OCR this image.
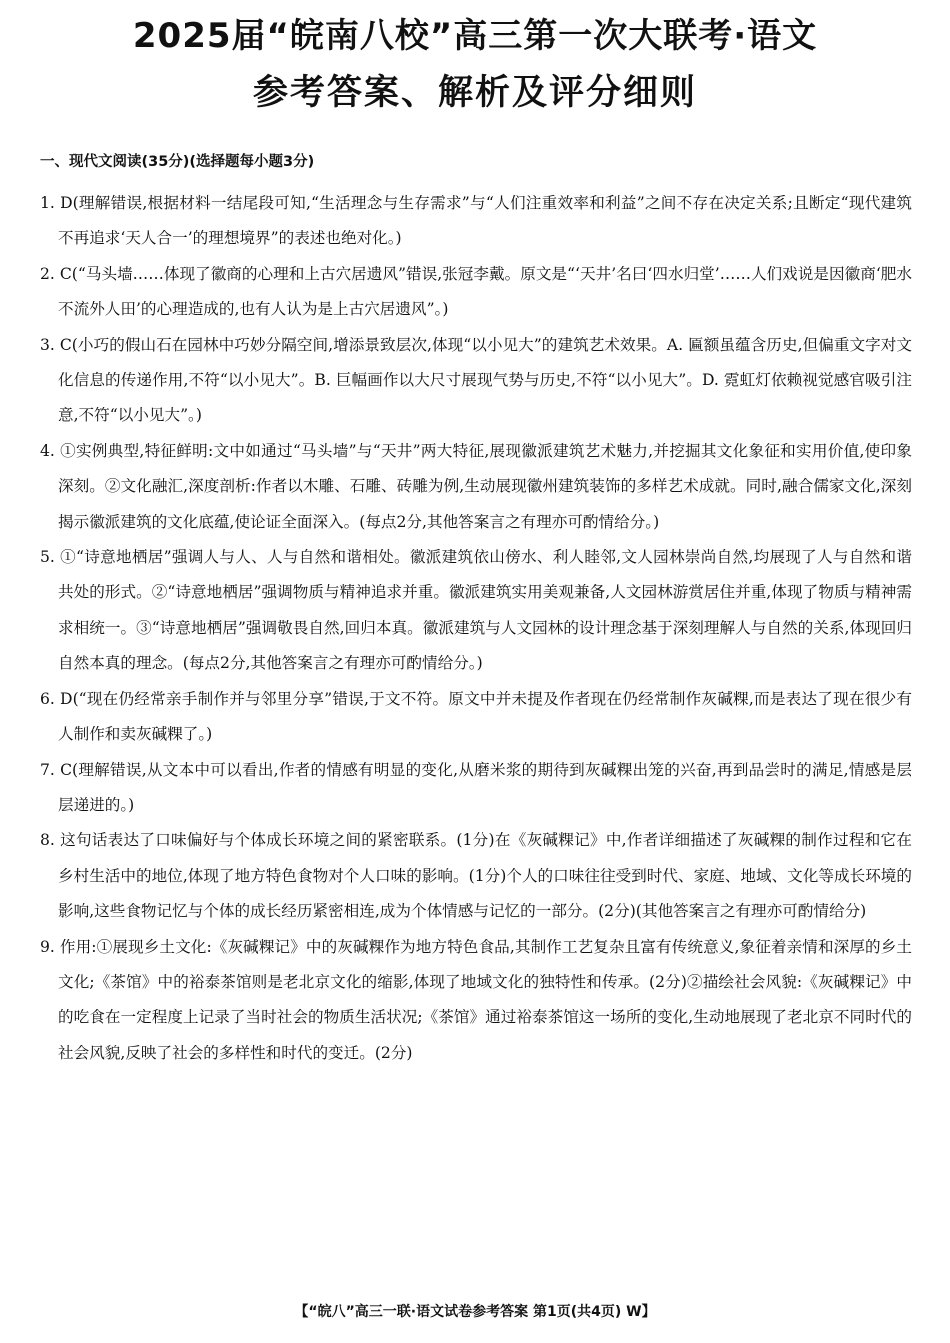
2025届“皖南八校”高三第一次大联考·语文
参考答案、解析及评分细则
一、现代文阅读(35分)(选择题每小题3分)

1. D(理解错误,根据材料一结尾段可知,“生活理念与生存需求”与“人们注重效率和利益”之间不存在决定关系;且断定“现代建筑不再追求‘天人合一’的理想境界”的表述也绝对化。)

2. C(“马头墙……体现了徽商的心理和上古穴居遗风”错误,张冠李戴。原文是“‘天井’名曰‘四水归堂’……人们戏说是因徽商‘肥水不流外人田’的心理造成的,也有人认为是上古穴居遗风”。)

3. C(小巧的假山石在园林中巧妙分隔空间,增添景致层次,体现“以小见大”的建筑艺术效果。A. 匾额虽蕴含历史,但偏重文字对文化信息的传递作用,不符“以小见大”。B. 巨幅画作以大尺寸展现气势与历史,不符“以小见大”。D. 霓虹灯依赖视觉感官吸引注意,不符“以小见大”。)

4. ①实例典型,特征鲜明:文中如通过“马头墙”与“天井”两大特征,展现徽派建筑艺术魅力,并挖掘其文化象征和实用价值,使印象深刻。②文化融汇,深度剖析:作者以木雕、石雕、砖雕为例,生动展现徽州建筑装饰的多样艺术成就。同时,融合儒家文化,深刻揭示徽派建筑的文化底蕴,使论证全面深入。(每点2分,其他答案言之有理亦可酌情给分。)

5. ①“诗意地栖居”强调人与人、人与自然和谐相处。徽派建筑依山傍水、利人睦邻,文人园林崇尚自然,均展现了人与自然和谐共处的形式。②“诗意地栖居”强调物质与精神追求并重。徽派建筑实用美观兼备,人文园林游赏居住并重,体现了物质与精神需求相统一。③“诗意地栖居”强调敬畏自然,回归本真。徽派建筑与人文园林的设计理念基于深刻理解人与自然的关系,体现回归自然本真的理念。(每点2分,其他答案言之有理亦可酌情给分。)

6. D(“现在仍经常亲手制作并与邻里分享”错误,于文不符。原文中并未提及作者现在仍经常制作灰碱粿,而是表达了现在很少有人制作和卖灰碱粿了。)

7. C(理解错误,从文本中可以看出,作者的情感有明显的变化,从磨米浆的期待到灰碱粿出笼的兴奋,再到品尝时的满足,情感是层层递进的。)

8. 这句话表达了口味偏好与个体成长环境之间的紧密联系。(1分)在《灰碱粿记》中,作者详细描述了灰碱粿的制作过程和它在乡村生活中的地位,体现了地方特色食物对个人口味的影响。(1分)个人的口味往往受到时代、家庭、地域、文化等成长环境的影响,这些食物记忆与个体的成长经历紧密相连,成为个体情感与记忆的一部分。(2分)(其他答案言之有理亦可酌情给分)

9. 作用:①展现乡土文化:《灰碱粿记》中的灰碱粿作为地方特色食品,其制作工艺复杂且富有传统意义,象征着亲情和深厚的乡土文化;《茶馆》中的裕泰茶馆则是老北京文化的缩影,体现了地域文化的独特性和传承。(2分)②描绘社会风貌:《灰碱粿记》中的吃食在一定程度上记录了当时社会的物质生活状况;《茶馆》通过裕泰茶馆这一场所的变化,生动地展现了老北京不同时代的社会风貌,反映了社会的多样性和时代的变迁。(2分)

【“皖八”高三一联·语文试卷参考答案 第1页(共4页) W】
